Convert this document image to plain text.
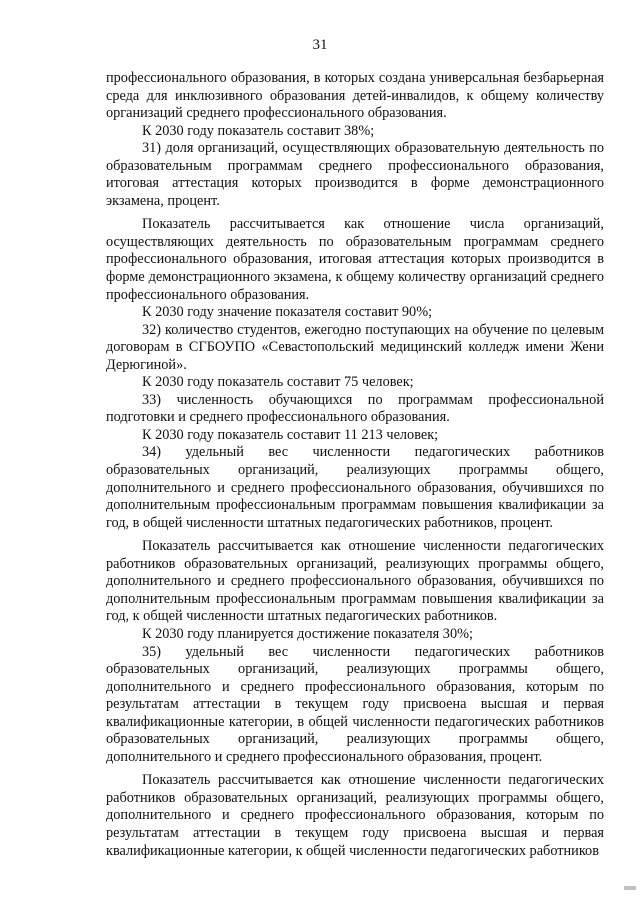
31

профессионального образования, в которых создана универсальная безбарьерная среда для инклюзивного образования детей-инвалидов, к общему количеству организаций среднего профессионального образования.

К 2030 году показатель составит 38%;

31) доля организаций, осуществляющих образовательную деятельность по образовательным программам среднего профессионального образования, итоговая аттестация которых производится в форме демонстрационного экзамена, процент.

Показатель рассчитывается как отношение числа организаций, осуществляющих деятельность по образовательным программам среднего профессионального образования, итоговая аттестация которых производится в форме демонстрационного экзамена, к общему количеству организаций среднего профессионального образования.

К 2030 году значение показателя составит 90%;

32) количество студентов, ежегодно поступающих на обучение по целевым договорам в СГБОУПО «Севастопольский медицинский колледж имени Жени Дерюгиной».

К 2030 году показатель составит 75 человек;

33) численность обучающихся по программам профессиональной подготовки и среднего профессионального образования.

К 2030 году показатель составит 11 213 человек;

34) удельный вес численности педагогических работников образовательных организаций, реализующих программы общего, дополнительного и среднего профессионального образования, обучившихся по дополнительным профессиональным программам повышения квалификации за год, в общей численности штатных педагогических работников, процент.

Показатель рассчитывается как отношение численности педагогических работников образовательных организаций, реализующих программы общего, дополнительного и среднего профессионального образования, обучившихся по дополнительным профессиональным программам повышения квалификации за год, к общей численности штатных педагогических работников.

К 2030 году планируется достижение показателя 30%;

35) удельный вес численности педагогических работников образовательных организаций, реализующих программы общего, дополнительного и среднего профессионального образования, которым по результатам аттестации в текущем году присвоена высшая и первая квалификационные категории, в общей численности педагогических работников образовательных организаций, реализующих программы общего, дополнительного и среднего профессионального образования, процент.

Показатель рассчитывается как отношение численности педагогических работников образовательных организаций, реализующих программы общего, дополнительного и среднего профессионального образования, которым по результатам аттестации в текущем году присвоена высшая и первая квалификационные категории, к общей численности педагогических работников
